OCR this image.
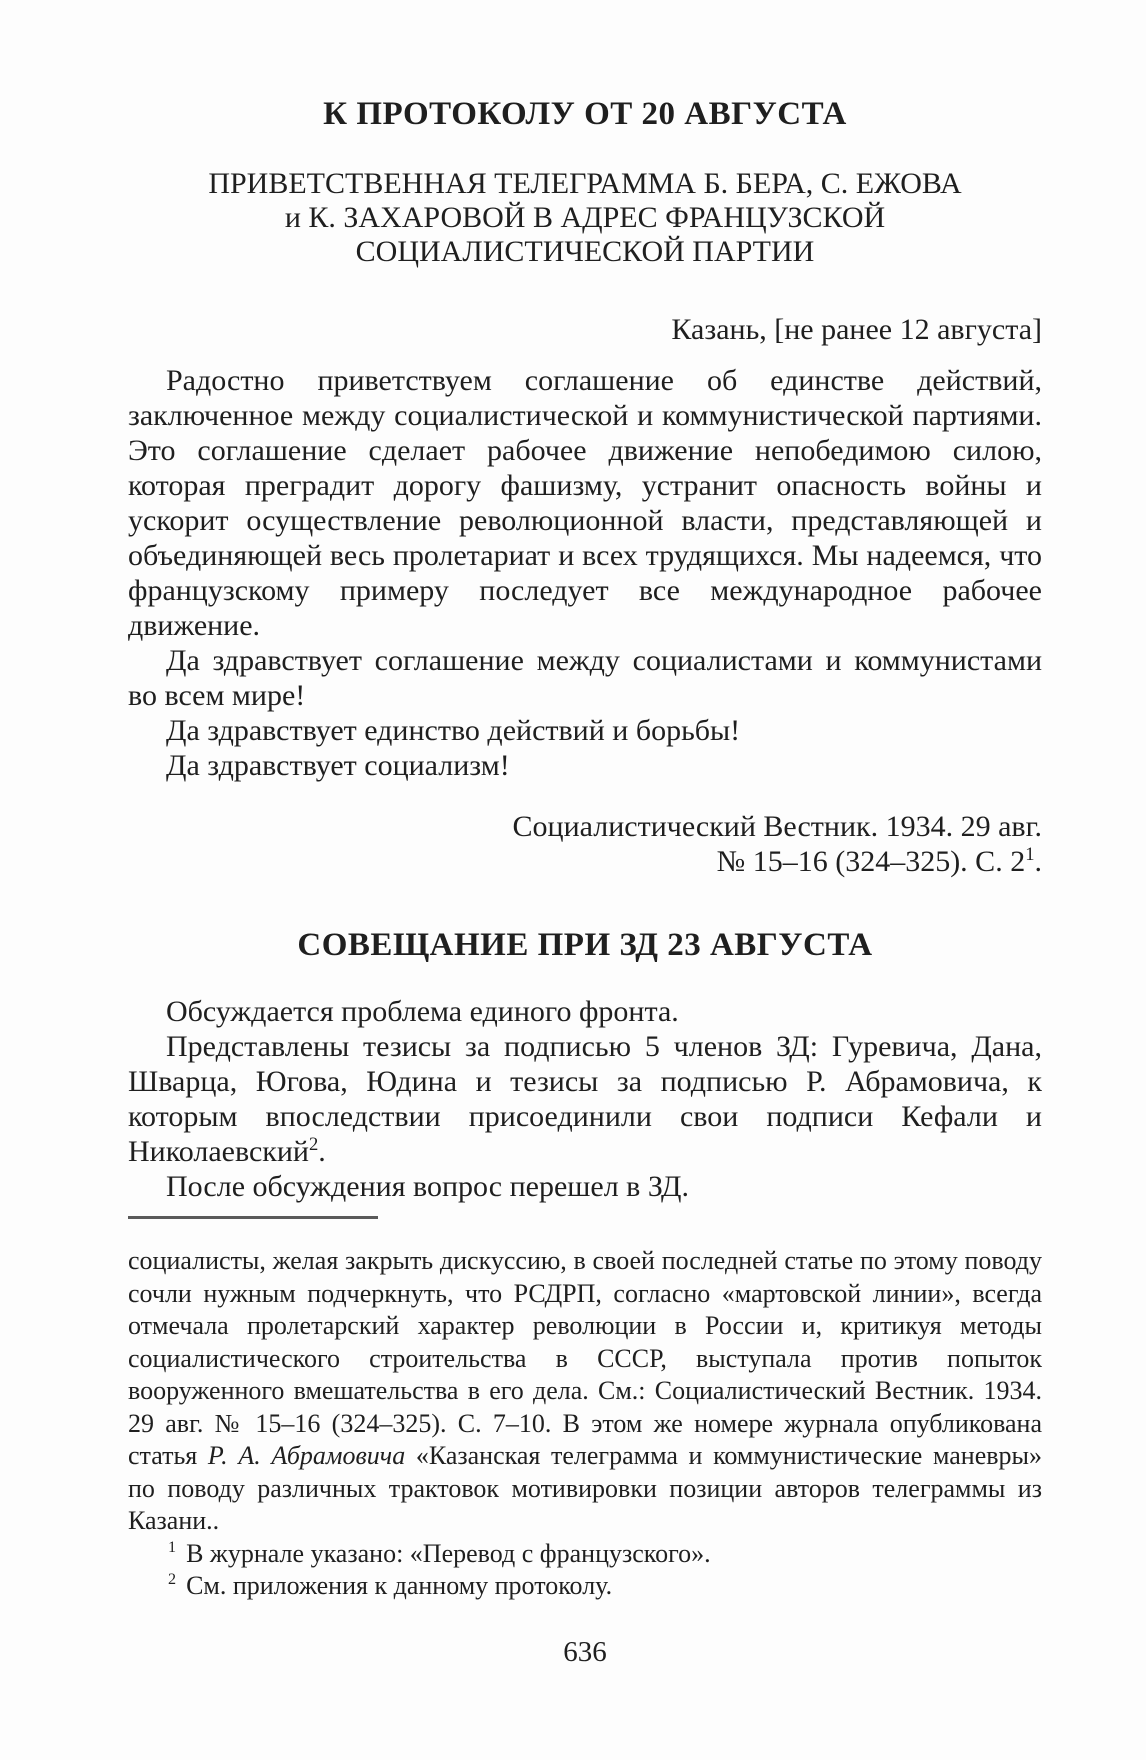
К ПРОТОКОЛУ ОТ 20 АВГУСТА
ПРИВЕТСТВЕННАЯ ТЕЛЕГРАММА Б. БЕРА, С. ЕЖОВА
и К. ЗАХАРОВОЙ В АДРЕС ФРАНЦУЗСКОЙ
СОЦИАЛИСТИЧЕСКОЙ ПАРТИИ

Казань, [не ранее 12 августа]

Радостно приветствуем соглашение об единстве действий, заключенное между социалистической и коммунистической партиями. Это соглашение сделает рабочее движение непобедимою силою, которая преградит дорогу фашизму, устранит опасность войны и ускорит осуществление революционной власти, представляющей и объединяющей весь пролетариат и всех трудящихся. Мы надеемся, что французскому примеру последует все международное рабочее движение.

Да здравствует соглашение между социалистами и коммунистами во всем мире!

Да здравствует единство действий и борьбы!

Да здравствует социализм!

Социалистический Вестник. 1934. 29 авг.
№ 15–16 (324–325). С. $2^1$.
СОВЕЩАНИЕ ПРИ ЗД 23 АВГУСТА

Обсуждается проблема единого фронта.

Представлены тезисы за подписью 5 членов ЗД: Гуревича, Дана, Шварца, Югова, Юдина и тезисы за подписью Р. Абрамовича, к которым впоследствии присоединили свои подписи Кефали и Николаевский$^2$.

После обсуждения вопрос перешел в ЗД.

социалисты, желая закрыть дискуссию, в своей последней статье по этому поводу сочли нужным подчеркнуть, что РСДРП, согласно «мартовской линии», всегда отмечала пролетарский характер революции в России и, критикуя методы социалистического строительства в СССР, выступала против попыток вооруженного вмешательства в его дела. См.: Социалистический Вестник. 1934. 29 авг. № 15–16 (324–325). С. 7–10. В этом же номере журнала опубликована статья Р. А. Абрамовича «Казанская телеграмма и коммунистические маневры» по поводу различных трактовок мотивировки позиции авторов телеграммы из Казани..

$^1$ В журнале указано: «Перевод с французского».

$^2$ См. приложения к данному протоколу.

636
